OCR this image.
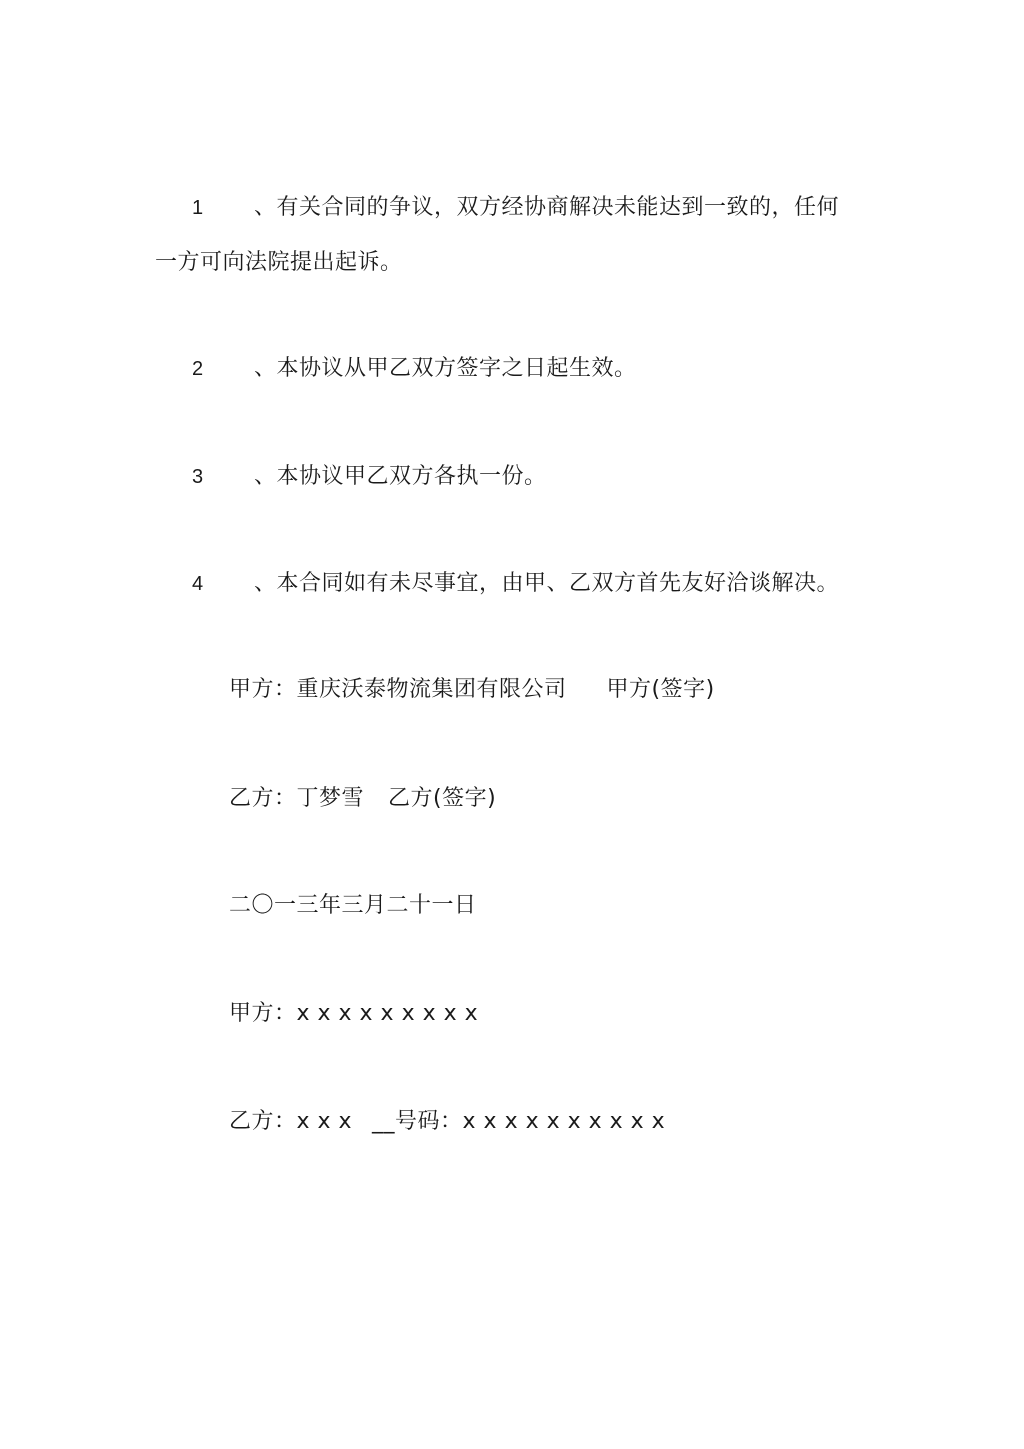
1 、有关合同的争议，双方经协商解决未能达到一致的，任何
一方可向法院提出起诉。
2 、本协议从甲乙双方签字之日起生效。
3 、本协议甲乙双方各执一份。
4 、本合同如有未尽事宜，由甲、乙双方首先友好洽谈解决。
甲方：重庆沃泰物流集团有限公司 甲方(签字)
乙方：丁梦雪 乙方(签字)
二〇一三年三月二十一日
甲方：x x x x x x x x x
乙方：x x x __号码：x x x x x x x x x x
